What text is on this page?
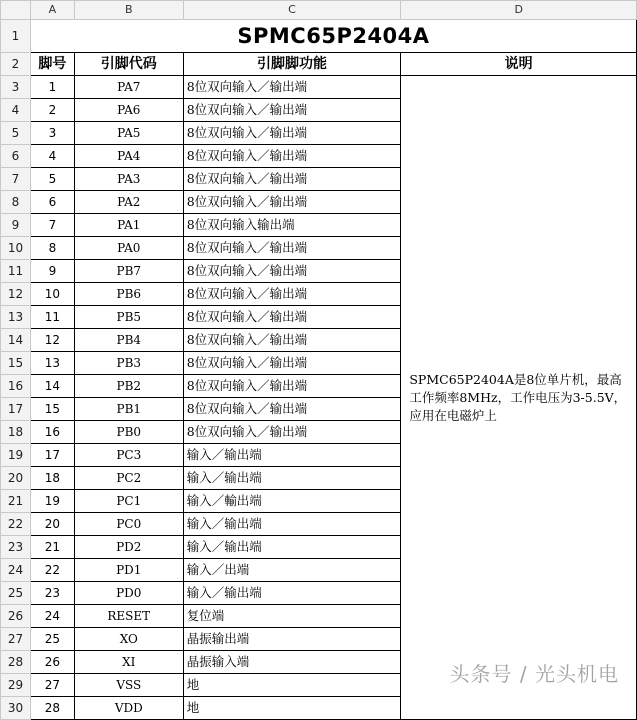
	A	B	C	D
1	SPMC65P2404A			
2	脚号	引脚代码	引脚脚功能	说明
3	1	PA7	8位双向输入／输出端	SPMC65P2404A是8位单片机，最高工作频率8MHz，工作电压为3-5.5V，应用在电磁炉上
4	2	PA6	8位双向输入／输出端	
5	3	PA5	8位双向输入／输出端	
6	4	PA4	8位双向输入／输出端	
7	5	PA3	8位双向输入／输出端	
8	6	PA2	8位双向输入／输出端	
9	7	PA1	8位双向输入输出端	
10	8	PA0	8位双向输入／输出端	
11	9	PB7	8位双向输入／输出端	
12	10	PB6	8位双向输入／输出端	
13	11	PB5	8位双向输入／输出端	
14	12	PB4	8位双向输入／输出端	
15	13	PB3	8位双向输入／输出端	
16	14	PB2	8位双向输入／输出端	
17	15	PB1	8位双向输入／输出端	
18	16	PB0	8位双向输入／输出端	
19	17	PC3	输入／输出端	
20	18	PC2	输入／输出端	
21	19	PC1	输入／輸出端	
22	20	PC0	输入／输出端	
23	21	PD2	输入／输出端	
24	22	PD1	输入／出端	
25	23	PD0	输入／输出端	
26	24	RESET	复位端	
27	25	XO	晶振输出端	
28	26	XI	晶振输入端	
29	27	VSS	地	
30	28	VDD	地	
头条号 / 光头机电
